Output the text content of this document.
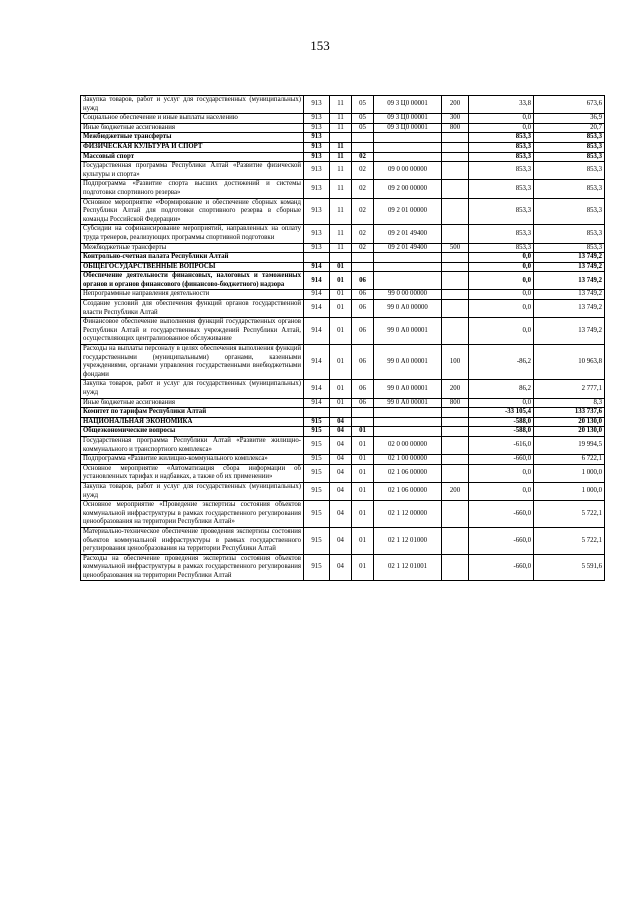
153
Закупка товаров, работ и услуг для государственных (муниципальных) нужд	913	11	05	09 3 Ц0 00001	200	33,8	673,6
Социальное обеспечение и иные выплаты населению	913	11	05	09 3 Ц0 00001	300	0,0	36,9
Иные бюджетные ассигнования	913	11	05	09 3 Ц0 00001	800	0,0	20,7
Межбюджетные трансферты	913					853,3	853,3
ФИЗИЧЕСКАЯ КУЛЬТУРА И СПОРТ	913	11				853,3	853,3
Массовый спорт	913	11	02			853,3	853,3
Государственная программа Республики Алтай «Развитие физической культуры и спорта»	913	11	02	09 0 00 00000		853,3	853,3
Подпрограмма «Развитие спорта высших достижений и системы подготовки спортивного резерва»	913	11	02	09 2 00 00000		853,3	853,3
Основное мероприятие «Формирование и обеспечение сборных команд Республики Алтай для подготовки спортивного резерва в сборные команды Российской Федерации»	913	11	02	09 2 01 00000		853,3	853,3
Субсидии на софинансирование мероприятий, направленных на оплату труда тренеров, реализующих программы спортивной подготовки	913	11	02	09 2 01 49400		853,3	853,3
Межбюджетные трансферты	913	11	02	09 2 01 49400	500	853,3	853,3
Контрольно-счетная палата Республики Алтай						0,0	13 749,2
ОБЩЕГОСУДАРСТВЕННЫЕ ВОПРОСЫ	914	01				0,0	13 749,2
Обеспечение деятельности финансовых, налоговых и таможенных органов и органов финансового (финансово-бюджетного) надзора	914	01	06			0,0	13 749,2
Непрограммные направления деятельности	914	01	06	99 0 00 00000		0,0	13 749,2
Создание условий для обеспечения функций органов государственной власти Республики Алтай	914	01	06	99 0 А0 00000		0,0	13 749,2
Финансовое обеспечение выполнения функций государственных органов Республики Алтай и государственных учреждений Республики Алтай, осуществляющих централизованное обслуживание	914	01	06	99 0 А0 00001		0,0	13 749,2
Расходы на выплаты персоналу в целях обеспечения выполнения функций государственными (муниципальными) органами, казенными учреждениями, органами управления государственными внебюджетными фондами	914	01	06	99 0 А0 00001	100	-86,2	10 963,8
Закупка товаров, работ и услуг для государственных (муниципальных) нужд	914	01	06	99 0 А0 00001	200	86,2	2 777,1
Иные бюджетные ассигнования	914	01	06	99 0 А0 00001	800	0,0	8,3
Комитет по тарифам Республики Алтай						-33 105,4	133 737,6
НАЦИОНАЛЬНАЯ ЭКОНОМИКА	915	04				-588,0	20 130,0
Общеэкономические вопросы	915	04	01			-588,0	20 130,0
Государственная программа Республики Алтай «Развитие жилищно-коммунального и транспортного комплекса»	915	04	01	02 0 00 00000		-616,0	19 994,5
Подпрограмма «Развитие жилищно-коммунального комплекса»	915	04	01	02 1 00 00000		-660,0	6 722,1
Основное мероприятие «Автоматизация сбора информации об установленных тарифах и надбавках, а также об их применении»	915	04	01	02 1 06 00000		0,0	1 000,0
Закупка товаров, работ и услуг для государственных (муниципальных) нужд	915	04	01	02 1 06 00000	200	0,0	1 000,0
Основное мероприятие «Проведение экспертизы состояния объектов коммунальной инфраструктуры в рамках государственного регулирования ценообразования на территории Республики Алтай»	915	04	01	02 1 12 00000		-660,0	5 722,1
Материально-техническое обеспечение проведения экспертизы состояния объектов коммунальной инфраструктуры в рамках государственного регулирования ценообразования на территории Республики Алтай	915	04	01	02 1 12 01000		-660,0	5 722,1
Расходы на обеспечение проведения экспертизы состояния объектов коммунальной инфраструктуры в рамках государственного регулирования ценообразования на территории Республики Алтай	915	04	01	02 1 12 01001		-660,0	5 591,6
